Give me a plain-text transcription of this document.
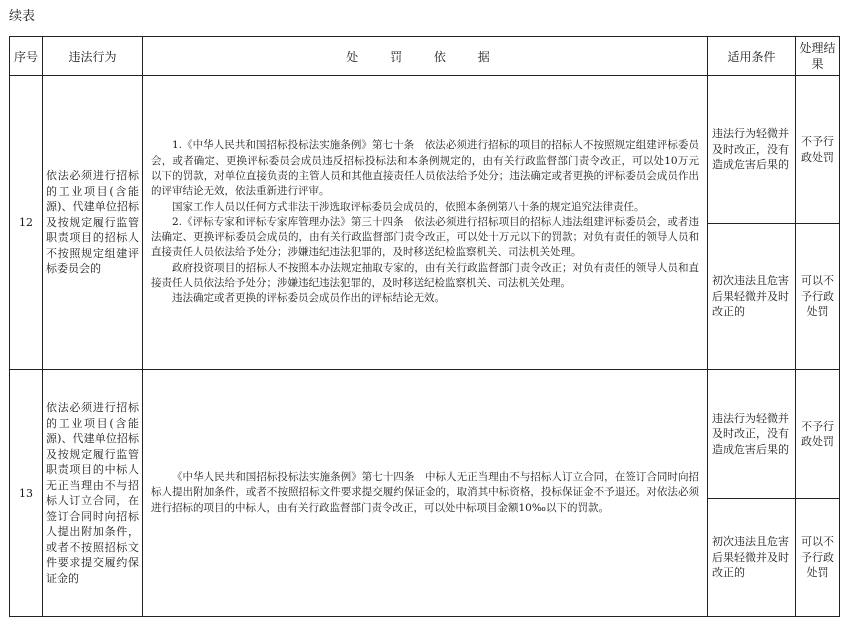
续表
序号	违法行为	处 罚 依 据	适用条件	处理结果
12	依法必须进行招标的工业项目(含能源)、代建单位招标及按规定履行监管职责项目的招标人不按照规定组建评标委员会的	1.《中华人民共和国招标投标法实施条例》第七十条　依法必须进行招标的项目的招标人不按照规定组建评标委员会，或者确定、更换评标委员会成员违反招标投标法和本条例规定的，由有关行政监督部门责令改正，可以处10万元以下的罚款，对单位直接负责的主管人员和其他直接责任人员依法给予处分；违法确定或者更换的评标委员会成员作出的评审结论无效，依法重新进行评审。

国家工作人员以任何方式非法干涉选取评标委员会成员的，依照本条例第八十条的规定追究法律责任。

2.《评标专家和评标专家库管理办法》第三十四条　依法必须进行招标项目的招标人违法组建评标委员会，或者违法确定、更换评标委员会成员的，由有关行政监督部门责令改正，可以处十万元以下的罚款；对负有责任的领导人员和直接责任人员依法给予处分；涉嫌违纪违法犯罪的，及时移送纪检监察机关、司法机关处理。

政府投资项目的招标人不按照本办法规定抽取专家的，由有关行政监督部门责令改正；对负有责任的领导人员和直接责任人员依法给予处分；涉嫌违纪违法犯罪的，及时移送纪检监察机关、司法机关处理。

违法确定或者更换的评标委员会成员作出的评标结论无效。	违法行为轻微并及时改正，没有造成危害后果的	不予行政处罚
			初次违法且危害后果轻微并及时改正的	可以不予行政处罚
13	依法必须进行招标的工业项目(含能源)、代建单位招标及按规定履行监管职责项目的中标人无正当理由不与招标人订立合同，在签订合同时向招标人提出附加条件，或者不按照招标文件要求提交履约保证金的	《中华人民共和国招标投标法实施条例》第七十四条　中标人无正当理由不与招标人订立合同，在签订合同时向招标人提出附加条件，或者不按照招标文件要求提交履约保证金的，取消其中标资格，投标保证金不予退还。对依法必须进行招标的项目的中标人，由有关行政监督部门责令改正，可以处中标项目金额10‰以下的罚款。	违法行为轻微并及时改正，没有造成危害后果的	不予行政处罚
			初次违法且危害后果轻微并及时改正的	可以不予行政处罚
